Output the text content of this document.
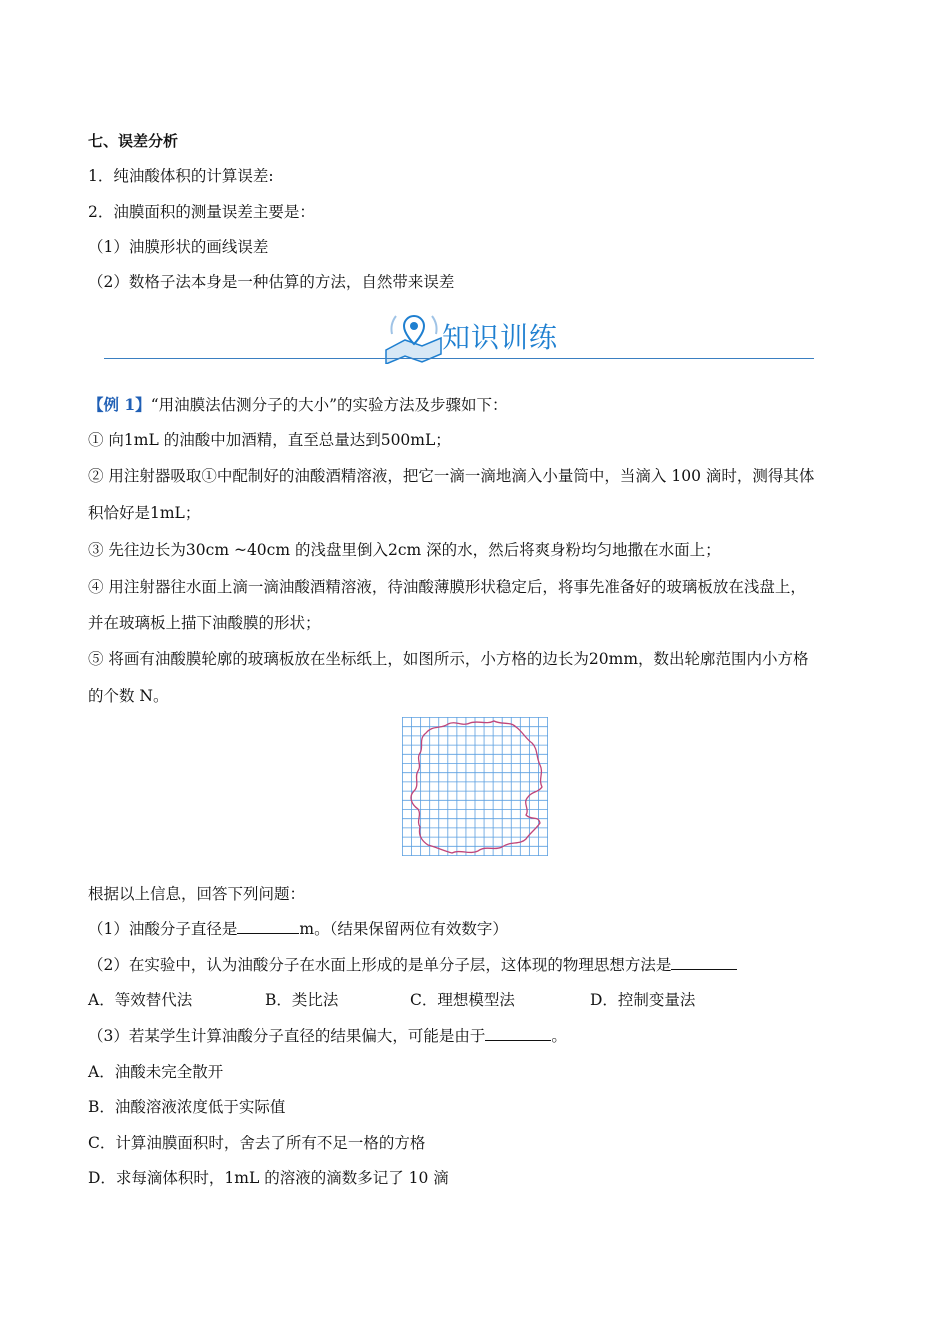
七、误差分析
1．纯油酸体积的计算误差:
2．油膜面积的测量误差主要是：
（1）油膜形状的画线误差
（2）数格子法本身是一种估算的方法，自然带来误差
知识训练
【例 1】“用油膜法估测分子的大小”的实验方法及步骤如下：
① 向1mL 的油酸中加酒精，直至总量达到500mL；
② 用注射器吸取①中配制好的油酸酒精溶液，把它一滴一滴地滴入小量筒中，当滴入 100 滴时，测得其体
积恰好是1mL；
③ 先往边长为30cm ~40cm 的浅盘里倒入2cm 深的水，然后将爽身粉均匀地撒在水面上；
④ 用注射器往水面上滴一滴油酸酒精溶液，待油酸薄膜形状稳定后，将事先准备好的玻璃板放在浅盘上，
并在玻璃板上描下油酸膜的形状；
⑤ 将画有油酸膜轮廓的玻璃板放在坐标纸上，如图所示，小方格的边长为20mm，数出轮廓范围内小方格
的个数 N。
根据以上信息，回答下列问题：
（1）油酸分子直径是	m。（结果保留两位有效数字）
（2）在实验中，认为油酸分子在水面上形成的是单分子层，这体现的物理思想方法是
A．等效替代法	B．类比法	C．理想模型法	D．控制变量法
（3）若某学生计算油酸分子直径的结果偏大，可能是由于	。
A．油酸未完全散开
B．油酸溶液浓度低于实际值
C．计算油膜面积时，舍去了所有不足一格的方格
D．求每滴体积时，1mL 的溶液的滴数多记了 10 滴
